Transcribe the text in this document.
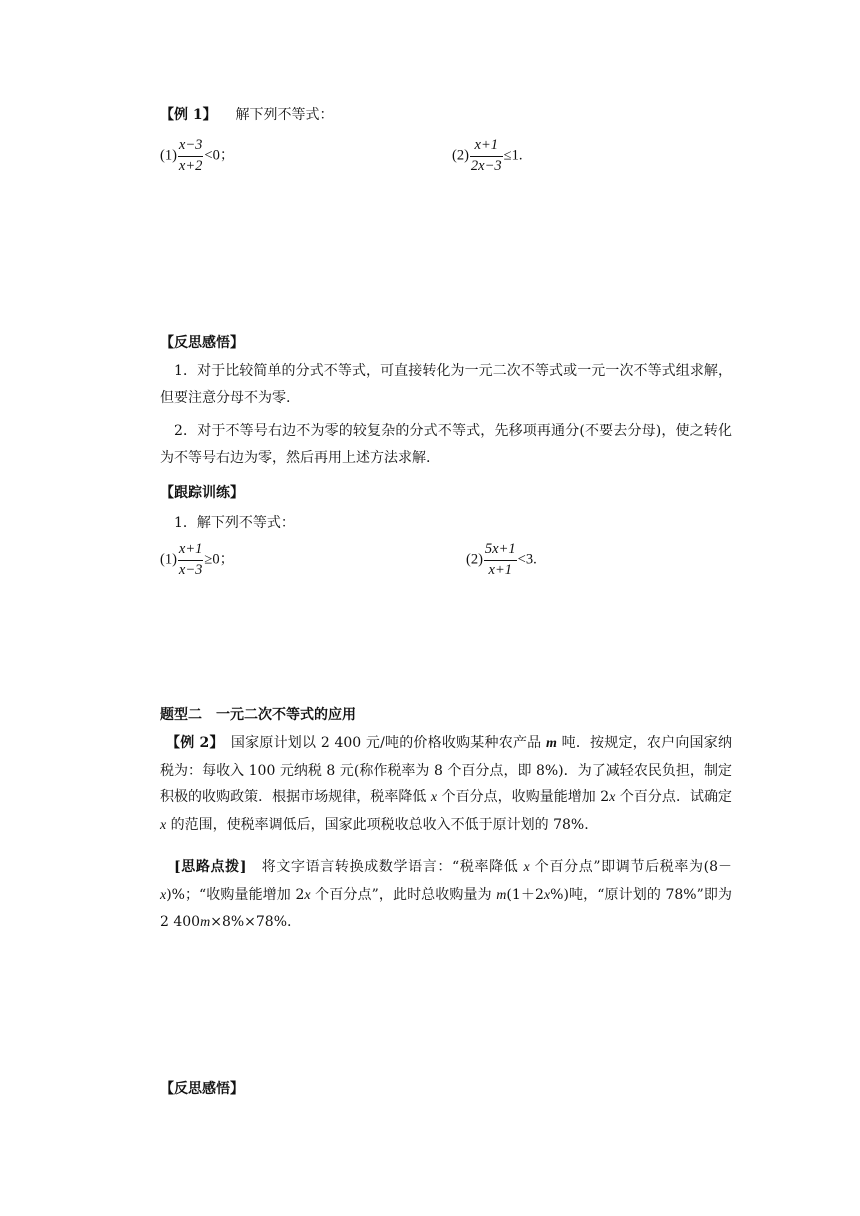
【例 1】 解下列不等式：
$(1) \frac{x-3}{x+2} <0$；	$(2) \frac{x+1}{2x-3} \le 1$.
【反思感悟】
1．对于比较简单的分式不等式，可直接转化为一元二次不等式或一元一次不等式组求解，但要注意分母不为零.
2．对于不等号右边不为零的较复杂的分式不等式，先移项再通分(不要去分母)，使之转化为不等号右边为零，然后再用上述方法求解.
【跟踪训练】
1．解下列不等式：
$(1) \frac{x+1}{x-3} \ge 0$；	$(2) \frac{5x+1}{x+1} <3$.
题型二　一元二次不等式的应用
【例 2】　 国家原计划以 2 400 元/吨的价格收购某种农产品 m 吨．按规定，农户向国家纳税为：每收入 100 元纳税 8 元(称作税率为 8 个百分点，即 8%)．为了减轻农民负担，制定积极的收购政策．根据市场规律，税率降低 x 个百分点，收购量能增加 2x 个百分点．试确定 x 的范围，使税率调低后，国家此项税收总收入不低于原计划的 78%.
[思路点拨]　将文字语言转换成数学语言：“税率降低 x 个百分点”即调节后税率为(8－x)%；“收购量能增加 2x 个百分点”，此时总收购量为 m(1＋2x%)吨，“原计划的 78%”即为 2 400m×8%×78%.
【反思感悟】
